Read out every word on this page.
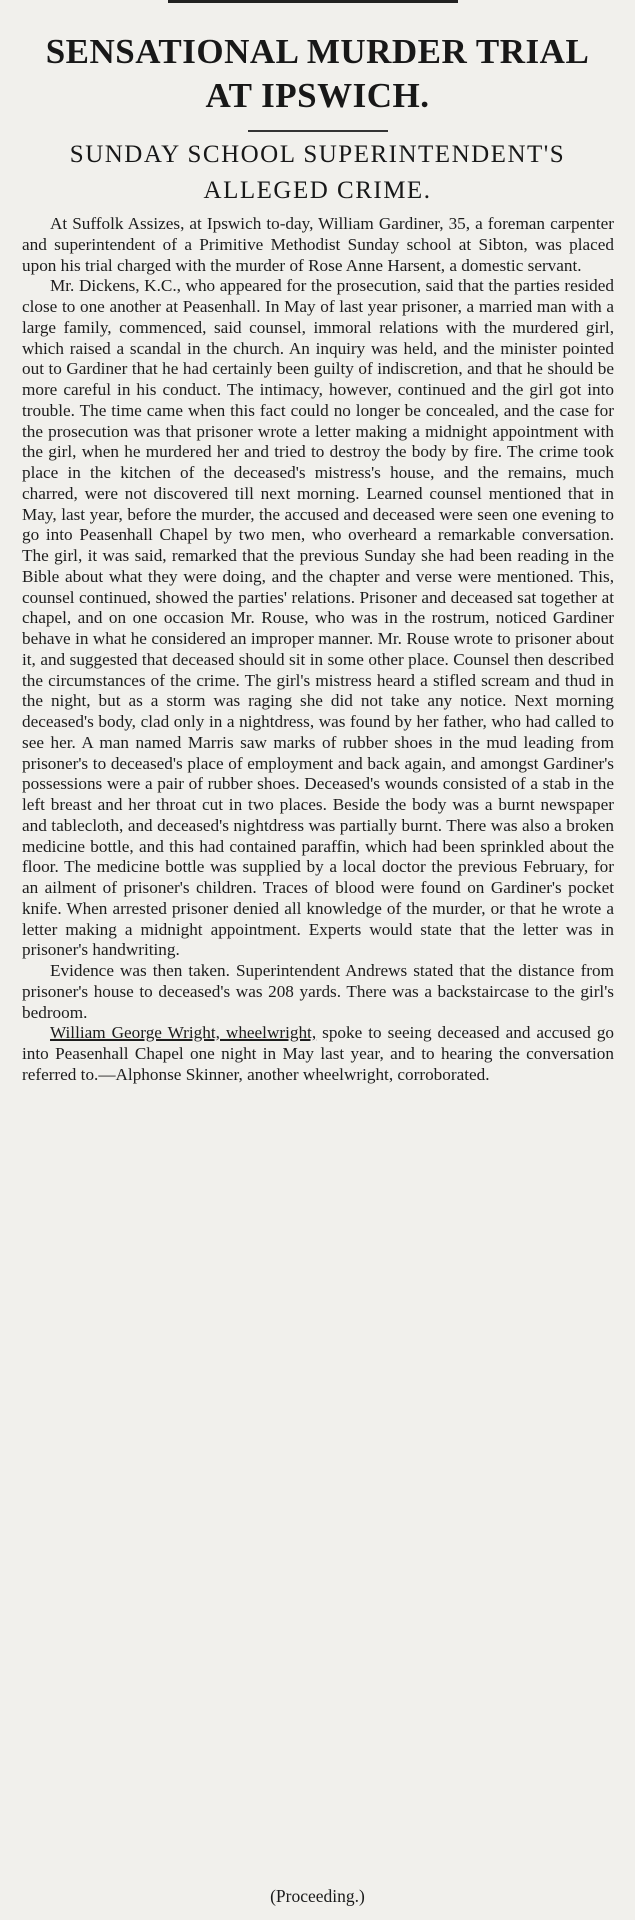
SENSATIONAL MURDER TRIAL
AT IPSWICH.
SUNDAY SCHOOL SUPERINTENDENT'S
ALLEGED CRIME.

At Suffolk Assizes, at Ipswich to-day, William Gardiner, 35, a foreman carpenter and superintendent of a Primitive Methodist Sunday school at Sibton, was placed upon his trial charged with the murder of Rose Anne Harsent, a domestic servant.

Mr. Dickens, K.C., who appeared for the prosecution, said that the parties resided close to one another at Peasenhall. In May of last year prisoner, a married man with a large family, commenced, said counsel, immoral relations with the murdered girl, which raised a scandal in the church. An inquiry was held, and the minister pointed out to Gardiner that he had certainly been guilty of indiscretion, and that he should be more careful in his conduct. The intimacy, however, continued and the girl got into trouble. The time came when this fact could no longer be concealed, and the case for the prosecution was that prisoner wrote a letter making a midnight appointment with the girl, when he murdered her and tried to destroy the body by fire. The crime took place in the kitchen of the deceased's mistress's house, and the remains, much charred, were not discovered till next morning. Learned counsel mentioned that in May, last year, before the murder, the accused and deceased were seen one evening to go into Peasenhall Chapel by two men, who overheard a remarkable conversation. The girl, it was said, remarked that the previous Sunday she had been reading in the Bible about what they were doing, and the chapter and verse were mentioned. This, counsel continued, showed the parties' relations. Prisoner and deceased sat together at chapel, and on one occasion Mr. Rouse, who was in the rostrum, noticed Gardiner behave in what he considered an improper manner. Mr. Rouse wrote to prisoner about it, and suggested that deceased should sit in some other place. Counsel then described the circumstances of the crime. The girl's mistress heard a stifled scream and thud in the night, but as a storm was raging she did not take any notice. Next morning deceased's body, clad only in a nightdress, was found by her father, who had called to see her. A man named Marris saw marks of rubber shoes in the mud leading from prisoner's to deceased's place of employment and back again, and amongst Gardiner's possessions were a pair of rubber shoes. Deceased's wounds consisted of a stab in the left breast and her throat cut in two places. Beside the body was a burnt newspaper and tablecloth, and deceased's nightdress was partially burnt. There was also a broken medicine bottle, and this had contained paraffin, which had been sprinkled about the floor. The medicine bottle was supplied by a local doctor the previous February, for an ailment of prisoner's children. Traces of blood were found on Gardiner's pocket knife. When arrested prisoner denied all knowledge of the murder, or that he wrote a letter making a midnight appointment. Experts would state that the letter was in prisoner's handwriting.

Evidence was then taken. Superintendent Andrews stated that the distance from prisoner's house to deceased's was 208 yards. There was a backstaircase to the girl's bedroom.

William George Wright, wheelwright, spoke to seeing deceased and accused go into Peasenhall Chapel one night in May last year, and to hearing the conversation referred to.—Alphonse Skinner, another wheelwright, corroborated.

(Proceeding.)
